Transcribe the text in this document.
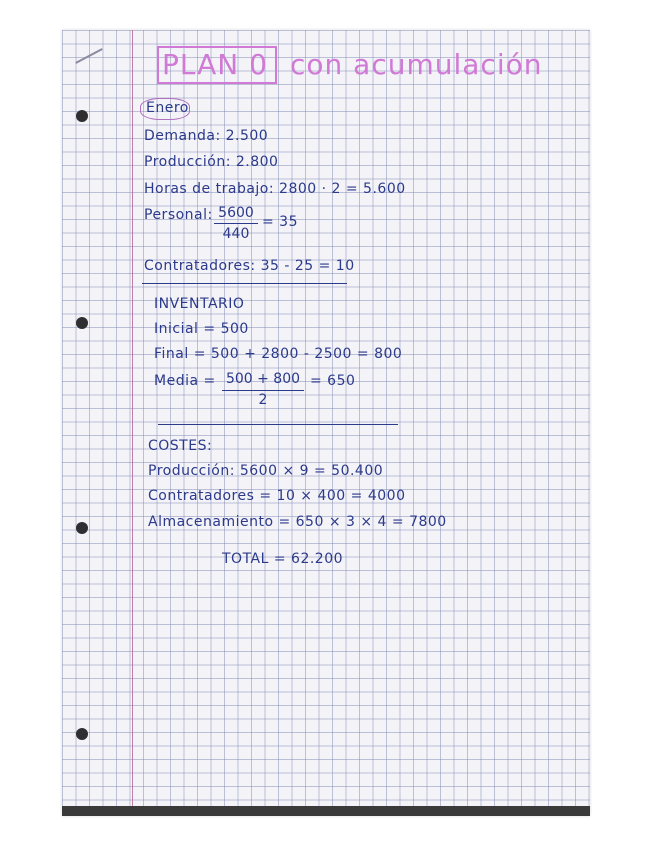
PLAN 0 con acumulación
Enero
Demanda: 2.500
Producción: 2.800
Horas de trabajo: 2800 · 2 = 5.600
Personal: 5600
440
= 35
Contratadores: 35 - 25 = 10
INVENTARIO
Inicial = 500
Final = 500 + 2800 - 2500 = 800
Media = 500 + 800
2
= 650
COSTES:
Producción: 5600 × 9 = 50.400
Contratadores = 10 × 400 = 4000
Almacenamiento = 650 × 3 × 4 = 7800
TOTAL = 62.200
